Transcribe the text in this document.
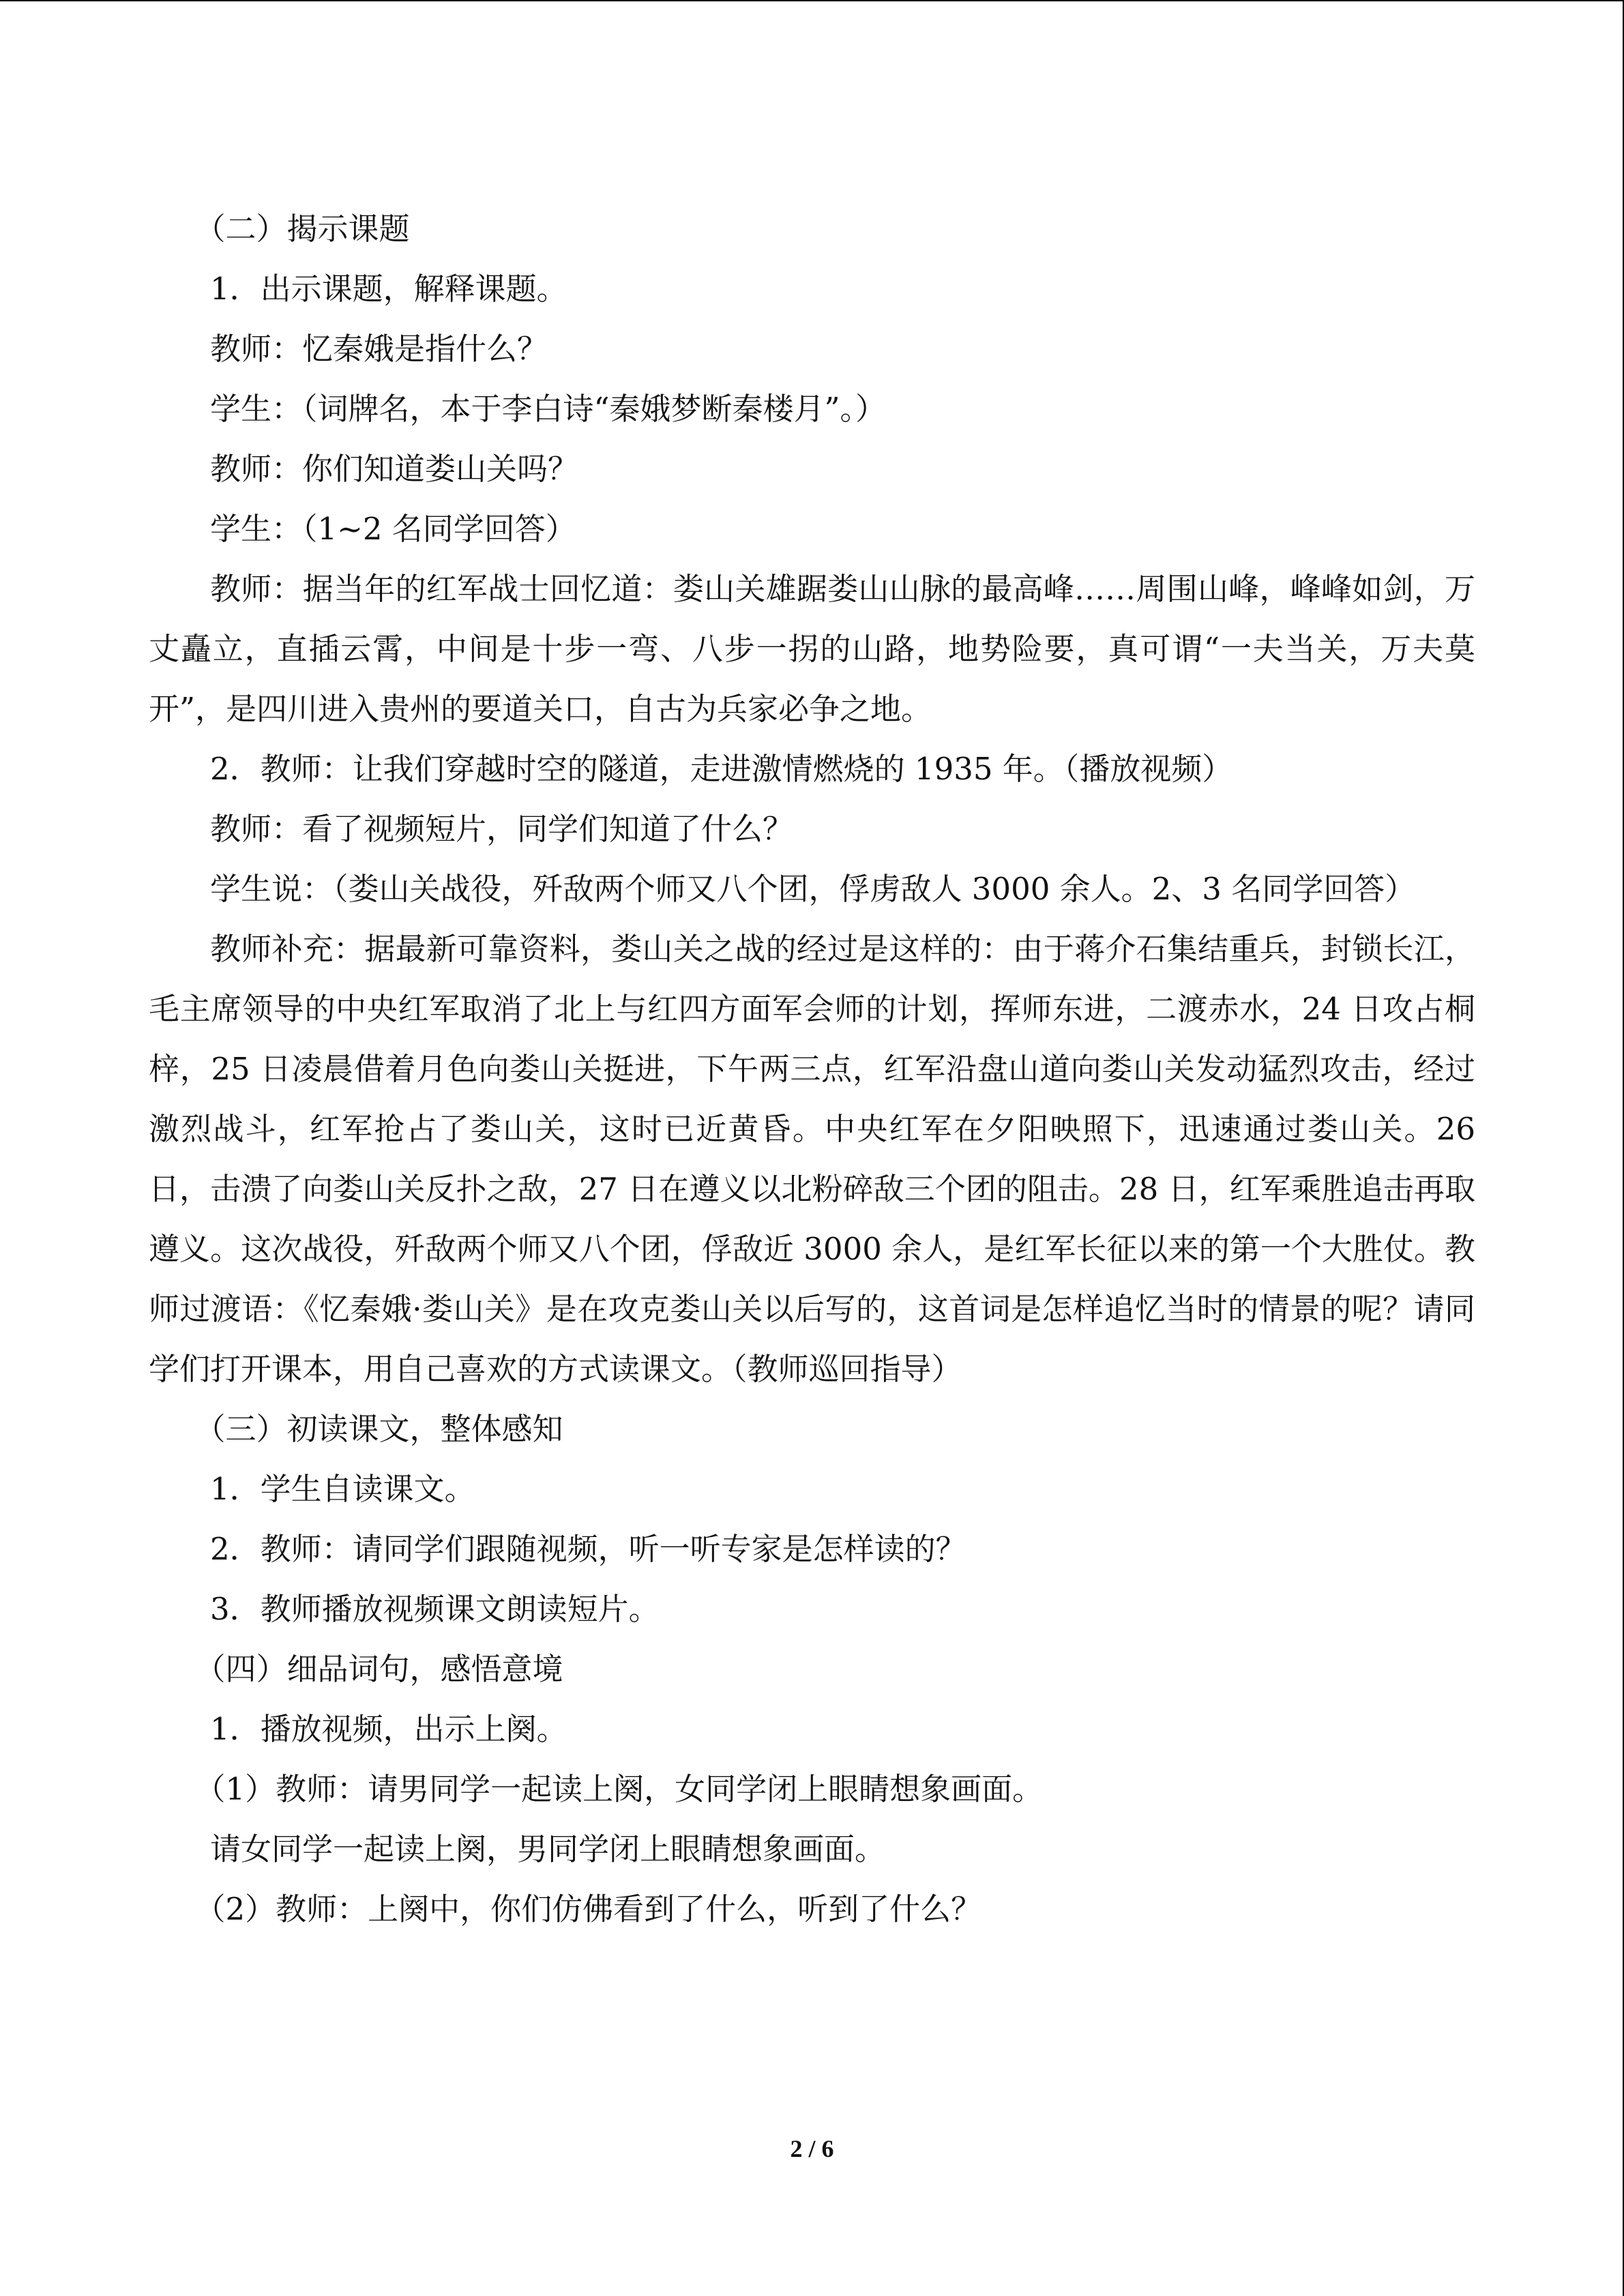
（二）揭示课题

1．出示课题，解释课题。

教师：忆秦娥是指什么？

学生：（词牌名，本于李白诗“秦娥梦断秦楼月”。）

教师：你们知道娄山关吗？

学生：（1~2 名同学回答）

教师：据当年的红军战士回忆道：娄山关雄踞娄山山脉的最高峰……周围山峰，峰峰如剑，万丈矗立，直插云霄，中间是十步一弯、八步一拐的山路，地势险要，真可谓“一夫当关，万夫莫开”，是四川进入贵州的要道关口，自古为兵家必争之地。

2．教师：让我们穿越时空的隧道，走进激情燃烧的 1935 年。（播放视频）

教师：看了视频短片，同学们知道了什么？

学生说：（娄山关战役，歼敌两个师又八个团，俘虏敌人 3000 余人。2、3 名同学回答）

教师补充：据最新可靠资料，娄山关之战的经过是这样的：由于蒋介石集结重兵，封锁长江，毛主席领导的中央红军取消了北上与红四方面军会师的计划，挥师东进，二渡赤水，24 日攻占桐梓，25 日凌晨借着月色向娄山关挺进，下午两三点，红军沿盘山道向娄山关发动猛烈攻击，经过激烈战斗，红军抢占了娄山关，这时已近黄昏。中央红军在夕阳映照下，迅速通过娄山关。26 日，击溃了向娄山关反扑之敌，27 日在遵义以北粉碎敌三个团的阻击。28 日，红军乘胜追击再取遵义。这次战役，歼敌两个师又八个团，俘敌近 3000 余人，是红军长征以来的第一个大胜仗。教师过渡语：《忆秦娥·娄山关》是在攻克娄山关以后写的，这首词是怎样追忆当时的情景的呢？请同学们打开课本，用自己喜欢的方式读课文。（教师巡回指导）

（三）初读课文，整体感知

1．学生自读课文。

2．教师：请同学们跟随视频，听一听专家是怎样读的？

3．教师播放视频课文朗读短片。

（四）细品词句，感悟意境

1．播放视频，出示上阕。

（1）教师：请男同学一起读上阕，女同学闭上眼睛想象画面。

请女同学一起读上阕，男同学闭上眼睛想象画面。

（2）教师：上阕中，你们仿佛看到了什么，听到了什么？

2 / 6
